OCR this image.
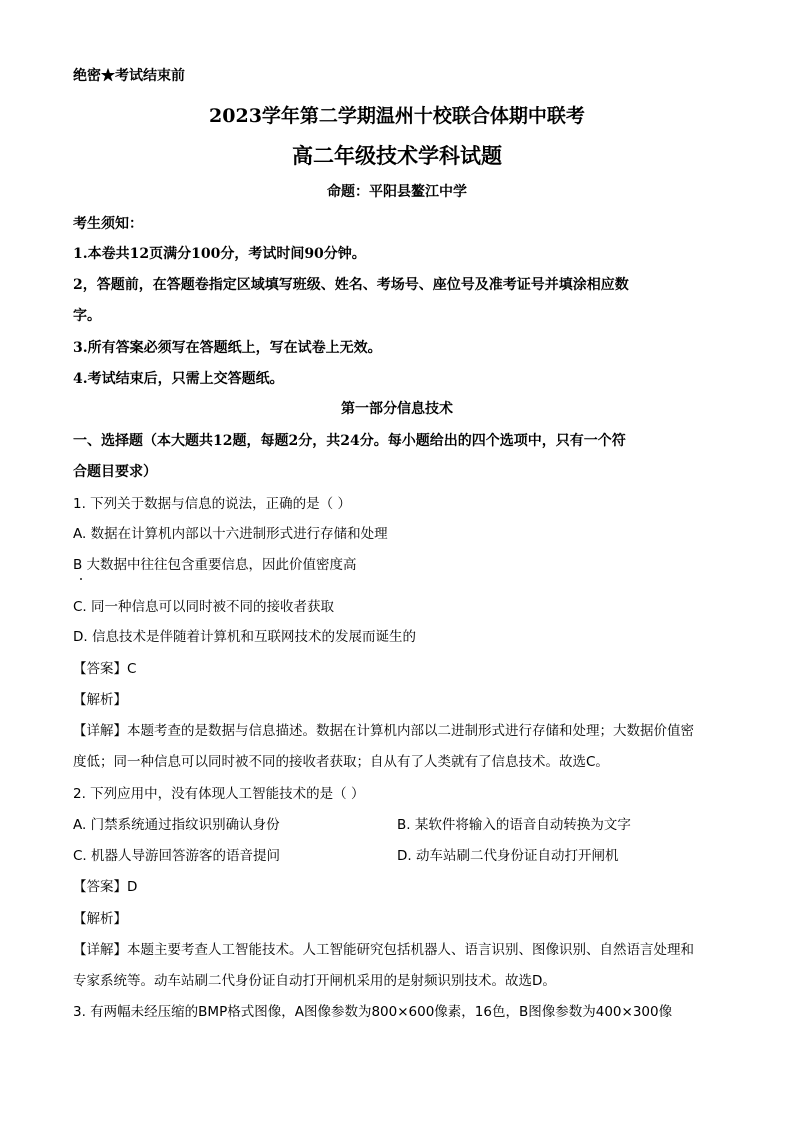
绝密★考试结束前
2023学年第二学期温州十校联合体期中联考
高二年级技术学科试题
命题：平阳县鳌江中学
考生须知：
1.本卷共12页满分100分，考试时间90分钟。
2，答题前，在答题卷指定区域填写班级、姓名、考场号、座位号及准考证号并填涂相应数
字。
3.所有答案必须写在答题纸上，写在试卷上无效。
4.考试结束后，只需上交答题纸。
第一部分信息技术
一、选择题（本大题共12题，每题2分，共24分。每小题给出的四个选项中，只有一个符
合题目要求）
1. 下列关于数据与信息的说法，正确的是（ ）
A. 数据在计算机内部以十六进制形式进行存储和处理
B 大数据中往往包含重要信息，因此价值密度高
C. 同一种信息可以同时被不同的接收者获取
D. 信息技术是伴随着计算机和互联网技术的发展而诞生的
【答案】C
【解析】
【详解】本题考查的是数据与信息描述。数据在计算机内部以二进制形式进行存储和处理；大数据价值密
度低；同一种信息可以同时被不同的接收者获取；自从有了人类就有了信息技术。故选C。
2. 下列应用中，没有体现人工智能技术的是（ ）
A. 门禁系统通过指纹识别确认身份	B. 某软件将输入的语音自动转换为文字
C. 机器人导游回答游客的语音提问	D. 动车站刷二代身份证自动打开闸机
【答案】D
【解析】
【详解】本题主要考查人工智能技术。人工智能研究包括机器人、语言识别、图像识别、自然语言处理和
专家系统等。动车站刷二代身份证自动打开闸机采用的是射频识别技术。故选D。
3. 有两幅未经压缩的BMP格式图像，A图像参数为800×600像素，16色，B图像参数为400×300像
